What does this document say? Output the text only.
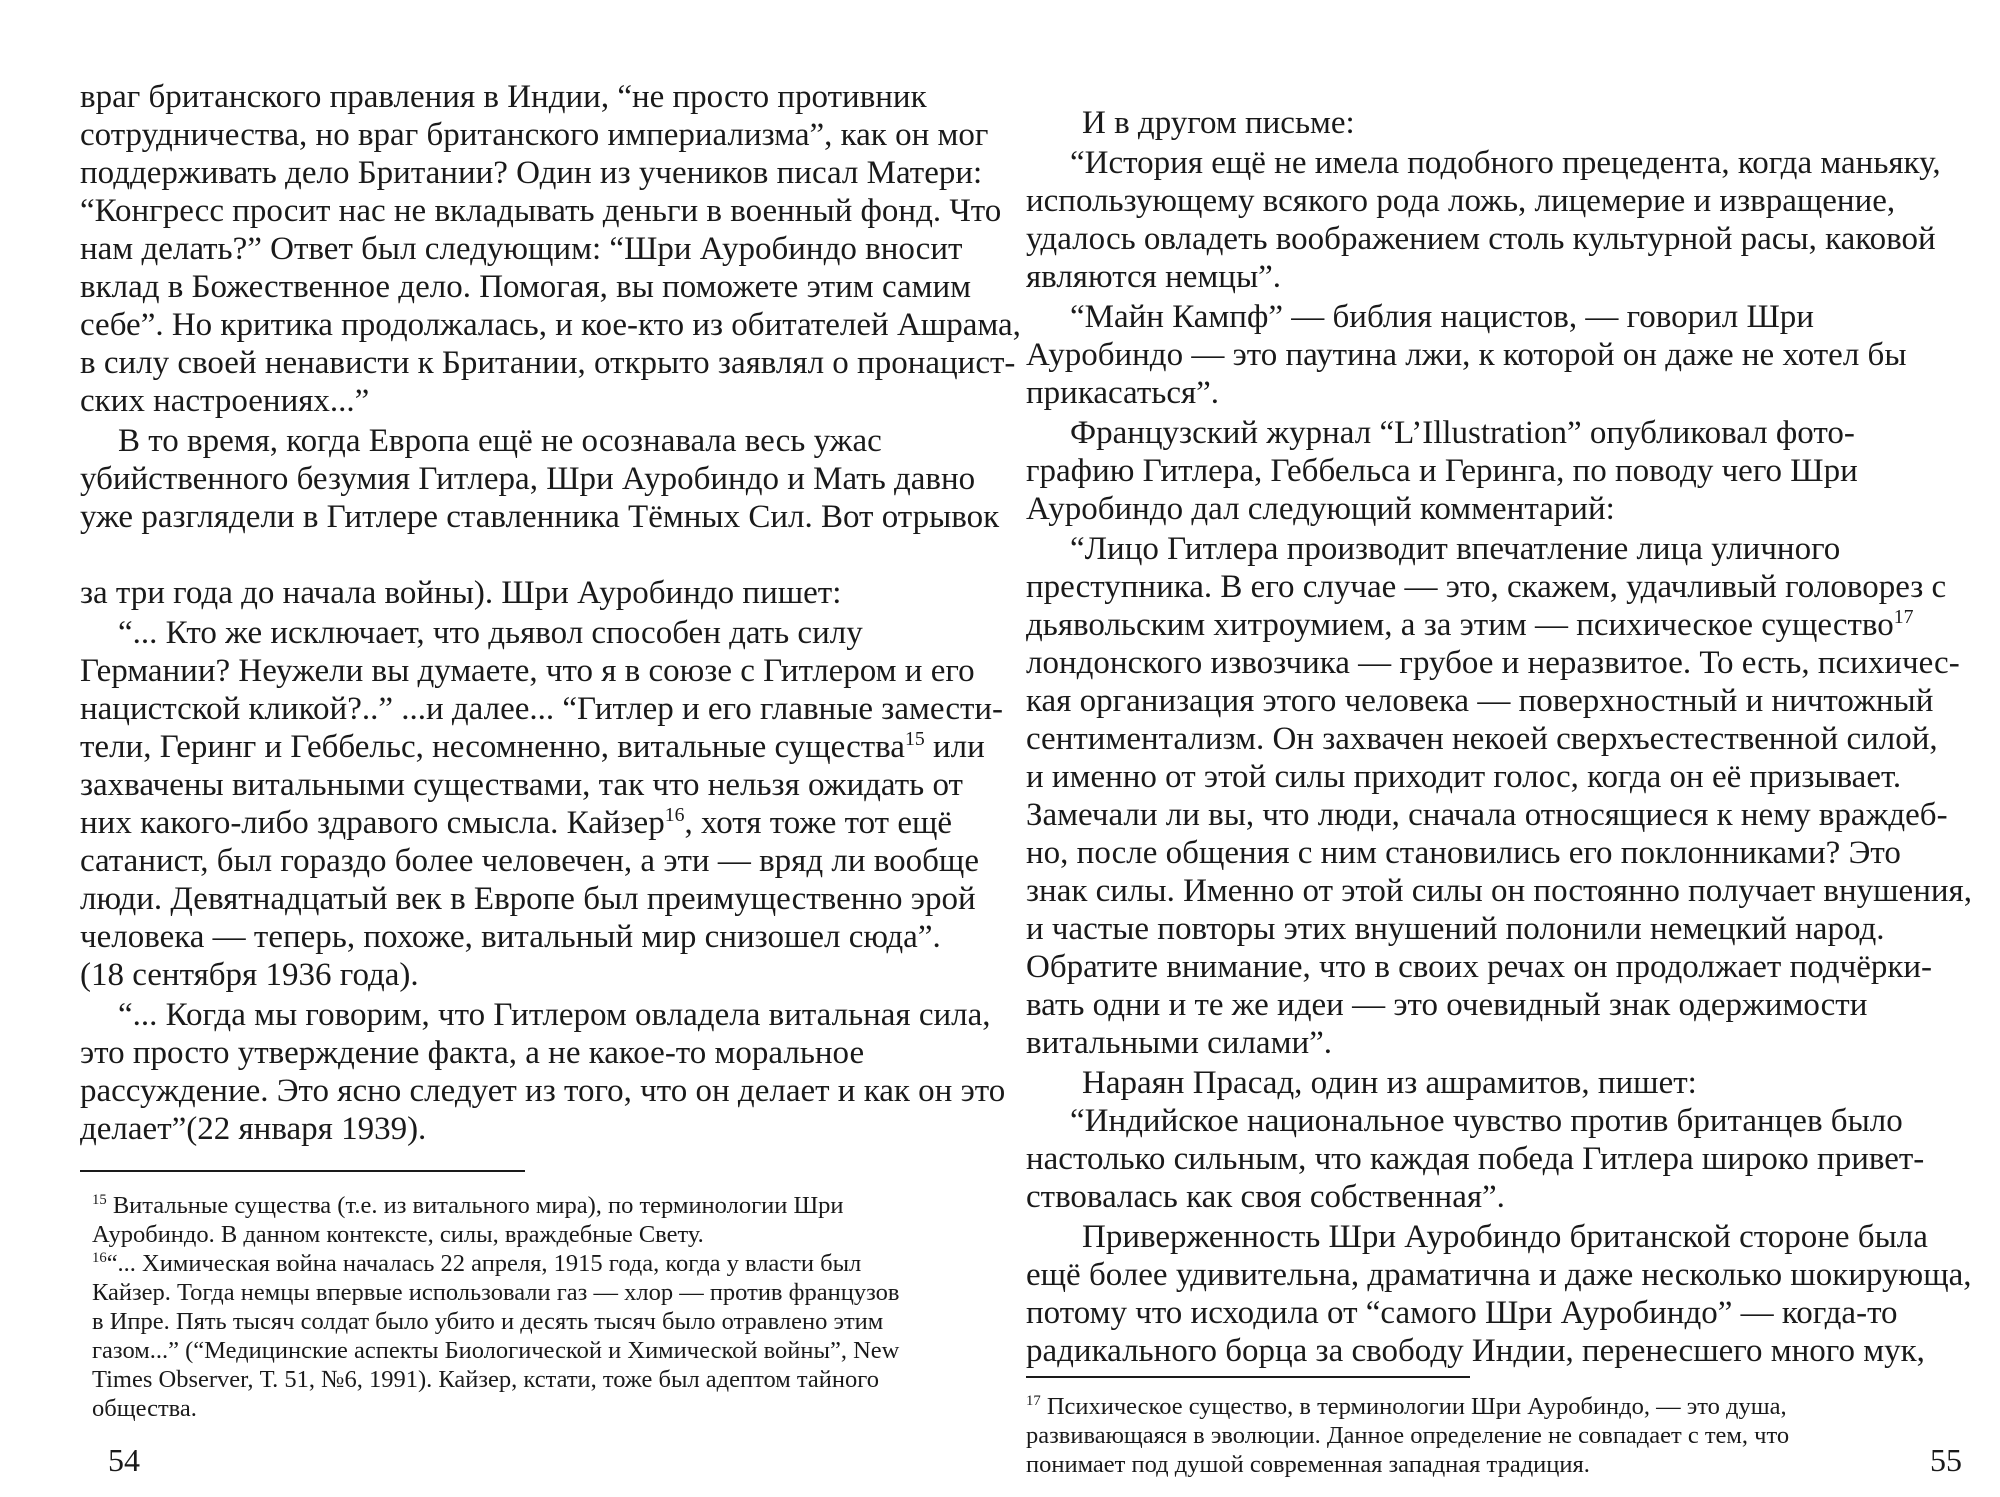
враг британского правления в Индии, “не просто противник

сотрудничества, но враг британского империализма”, как он мог

поддерживать дело Британии? Один из учеников писал Матери:

“Конгресс просит нас не вкладывать деньги в военный фонд. Что

нам делать?” Ответ был следующим: “Шри Ауробиндо вносит

вклад в Божественное дело. Помогая, вы поможете этим самим

себе”. Но критика продолжалась, и кое-кто из обитателей Ашрама,

в силу своей ненависти к Британии, открыто заявлял о пронацист-

ских настроениях...”

В то время, когда Европа ещё не осознавала весь ужас

убийственного безумия Гитлера, Шри Ауробиндо и Мать давно

уже разглядели в Гитлере ставленника Тёмных Сил. Вот отрывок

за три года до начала войны). Шри Ауробиндо пишет:

“... Кто же исключает, что дьявол способен дать силу

Германии? Неужели вы думаете, что я в союзе с Гитлером и его

нацистской кликой?..” ...и далее... “Гитлер и его главные замести-

тели, Геринг и Геббельс, несомненно, витальные существа$^{15}$ или

захвачены витальными существами, так что нельзя ожидать от

них какого-либо здравого смысла. Кайзер$^{16}$, хотя тоже тот ещё

сатанист, был гораздо более человечен, а эти — вряд ли вообще

люди. Девятнадцатый век в Европе был преимущественно эрой

человека — теперь, похоже, витальный мир снизошел сюда”.

(18 сентября 1936 года).

“... Когда мы говорим, что Гитлером овладела витальная сила,

это просто утверждение факта, а не какое-то моральное

рассуждение. Это ясно следует из того, что он делает и как он это

делает”(22 января 1939).

$^{15}$ Витальные существа (т.е. из витального мира), по терминологии Шри

Ауробиндо. В данном контексте, силы, враждебные Свету.

$^{16}$“... Химическая война началась 22 апреля, 1915 года, когда у власти был

Кайзер. Тогда немцы впервые использовали газ — хлор — против французов

в Ипре. Пять тысяч солдат было убито и десять тысяч было отравлено этим

газом...” (“Медицинские аспекты Биологической и Химической войны”, New

Times Observer, Т. 51, №6, 1991). Кайзер, кстати, тоже был адептом тайного

общества.

54

И в другом письме:

“История ещё не имела подобного прецедента, когда маньяку,

использующему всякого рода ложь, лицемерие и извращение,

удалось овладеть воображением столь культурной расы, каковой

являются немцы”.

“Майн Кампф” — библия нацистов, — говорил Шри

Ауробиндо — это паутина лжи, к которой он даже не хотел бы

прикасаться”.

Французский журнал “L’Illustration” опубликовал фото-

графию Гитлера, Геббельса и Геринга, по поводу чего Шри

Ауробиндо дал следующий комментарий:

“Лицо Гитлера производит впечатление лица уличного

преступника. В его случае — это, скажем, удачливый головорез с

дьявольским хитроумием, а за этим — психическое существо$^{17}$

лондонского извозчика — грубое и неразвитое. То есть, психичес-

кая организация этого человека — поверхностный и ничтожный

сентиментализм. Он захвачен некоей сверхъестественной силой,

и именно от этой силы приходит голос, когда он её призывает.

Замечали ли вы, что люди, сначала относящиеся к нему враждеб-

но, после общения с ним становились его поклонниками? Это

знак силы. Именно от этой силы он постоянно получает внушения,

и частые повторы этих внушений полонили немецкий народ.

Обратите внимание, что в своих речах он продолжает подчёрки-

вать одни и те же идеи — это очевидный знак одержимости

витальными силами”.

Нараян Прасад, один из ашрамитов, пишет:

“Индийское национальное чувство против британцев было

настолько сильным, что каждая победа Гитлера широко привет-

ствовалась как своя собственная”.

Приверженность Шри Ауробиндо британской стороне была

ещё более удивительна, драматична и даже несколько шокирующа,

потому что исходила от “самого Шри Ауробиндо” — когда-то

радикального борца за свободу Индии, перенесшего много мук,

$^{17}$ Психическое существо, в терминологии Шри Ауробиндо, — это душа,

развивающаяся в эволюции. Данное определение не совпадает с тем, что

понимает под душой современная западная традиция.	55
